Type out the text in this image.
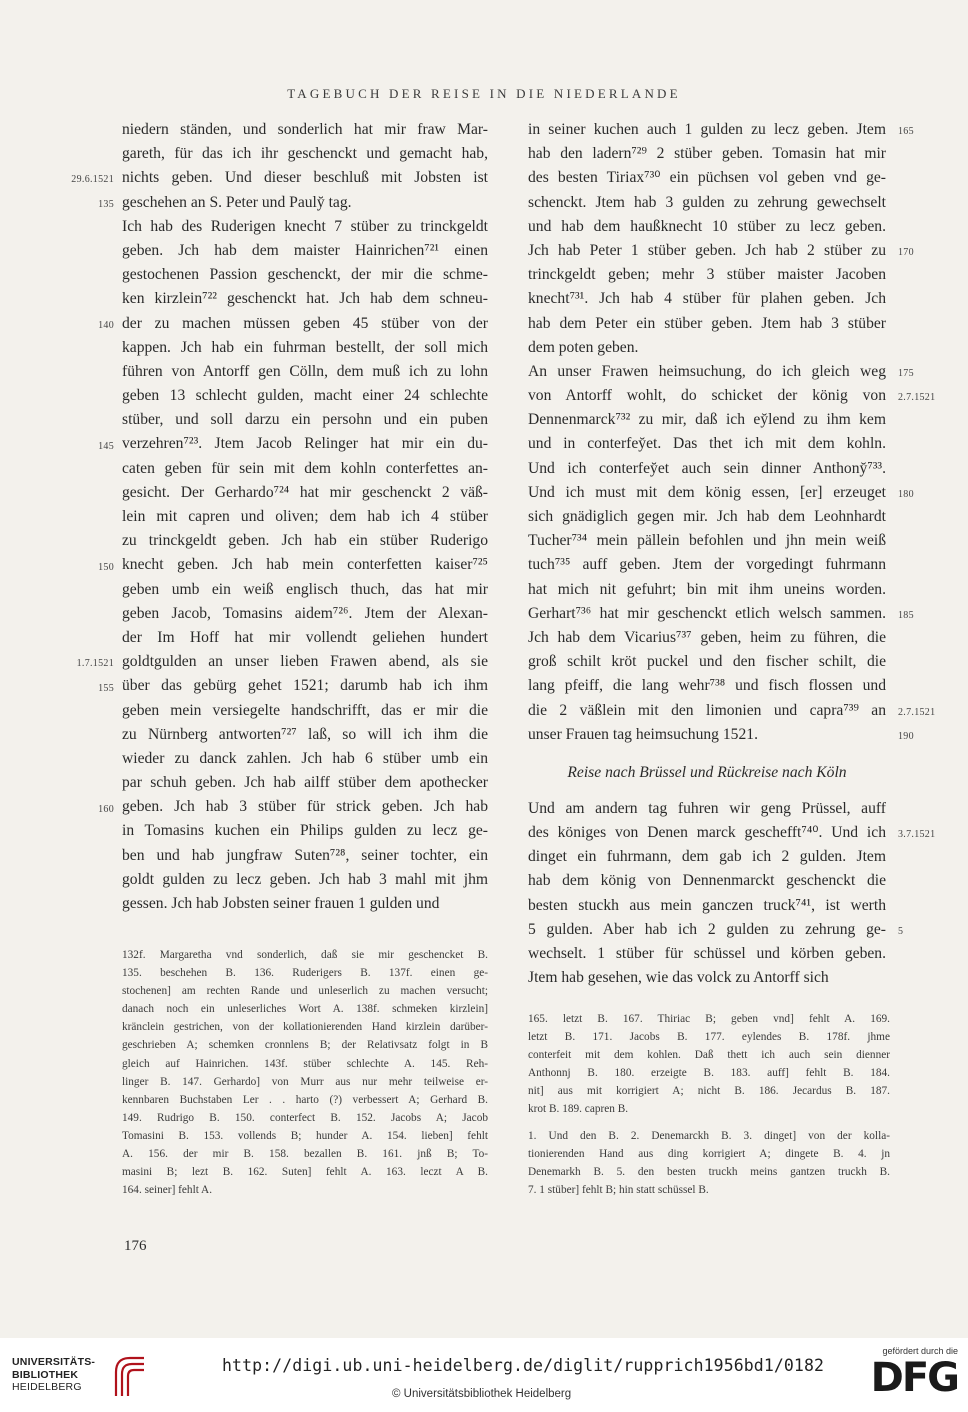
TAGEBUCH DER REISE IN DIE NIEDERLANDE
niedern ständen, und sonderlich hat mir fraw Mar-
gareth, für das ich ihr geschenckt und gemacht hab,
nichts geben. Und dieser beschluß mit Jobsten ist
geschehen an S. Peter und Pauly̆ tag.
Ich hab des Ruderigen knecht 7 stüber zu trinckgeldt
geben. Jch hab dem maister Hainrichen⁷²¹ einen
gestochenen Passion geschenckt, der mir die schme-
ken kirzlein⁷²² geschenckt hat. Jch hab dem schneu-
der zu machen müssen geben 45 stüber von der
kappen. Jch hab ein fuhrman bestellt, der soll mich
führen von Antorff gen Cölln, dem muß ich zu lohn
geben 13 schlecht gulden, macht einer 24 schlechte
stüber, und soll darzu ein persohn und ein puben
verzehren⁷²³. Jtem Jacob Relinger hat mir ein du-
caten geben für sein mit dem kohln conterfettes an-
gesicht. Der Gerhardo⁷²⁴ hat mir geschenckt 2 väß-
lein mit capren und oliven; dem hab ich 4 stüber
zu trinckgeldt geben. Jch hab ein stüber Ruderigo
knecht geben. Jch hab mein conterfetten kaiser⁷²⁵
geben umb ein weiß englisch thuch, das hat mir
geben Jacob, Tomasins aidem⁷²⁶. Jtem der Alexan-
der Im Hoff hat mir vollendt geliehen hundert
goldtgulden an unser lieben Frawen abend, als sie
über das gebürg gehet 1521; darumb hab ich ihm
geben mein versiegelte handschrifft, das er mir die
zu Nürnberg antworten⁷²⁷ laß, so will ich ihm die
wieder zu danck zahlen. Jch hab 6 stüber umb ein
par schuh geben. Jch hab ailff stüber dem apothecker
geben. Jch hab 3 stüber für strick geben. Jch hab
in Tomasins kuchen ein Philips gulden zu lecz ge-
ben und hab jungfraw Suten⁷²⁸, seiner tochter, ein
goldt gulden zu lecz geben. Jch hab 3 mahl mit jhm
gessen. Jch hab Jobsten seiner frauen 1 gulden und
in seiner kuchen auch 1 gulden zu lecz geben. Jtem
hab den ladern⁷²⁹ 2 stüber geben. Tomasin hat mir
des besten Tiriax⁷³⁰ ein püchsen vol geben vnd ge-
schenckt. Jtem hab 3 gulden zu zehrung gewechselt
und hab dem haußknecht 10 stüber zu lecz geben.
Jch hab Peter 1 stüber geben. Jch hab 2 stüber zu
trinckgeldt geben; mehr 3 stüber maister Jacoben
knecht⁷³¹. Jch hab 4 stüber für plahen geben. Jch
hab dem Peter ein stüber geben. Jtem hab 3 stüber
dem poten geben.
An unser Frawen heimsuchung, do ich gleich weg
von Antorff wohlt, do schicket der könig von
Dennenmarck⁷³² zu mir, daß ich ey̆lend zu ihm kem
und in conterfey̆et. Das thet ich mit dem kohln.
Und ich conterfey̆et auch sein dinner Anthony̆⁷³³.
Und ich must mit dem könig essen, [er] erzeuget
sich gnädiglich gegen mir. Jch hab dem Leohnhardt
Tucher⁷³⁴ mein pällein befohlen und jhn mein weiß
tuch⁷³⁵ auff geben. Jtem der vorgedingt fuhrmann
hat mich nit gefuhrt; bin mit ihm uneins worden.
Gerhart⁷³⁶ hat mir geschenckt etlich welsch sammen.
Jch hab dem Vicarius⁷³⁷ geben, heim zu führen, die
groß schilt kröt puckel und den fischer schilt, die
lang pfeiff, die lang wehr⁷³⁸ und fisch flossen und
die 2 väßlein mit den limonien und capra⁷³⁹ an
unser Frauen tag heimsuchung 1521.
Reise nach Brüssel und Rückreise nach Köln
Und am andern tag fuhren wir geng Prüssel, auff
des königes von Denen marck geschefft⁷⁴⁰. Und ich
dinget ein fuhrmann, dem gab ich 2 gulden. Jtem
hab dem könig von Dennenmarckt geschenckt die
besten stuckh aus mein ganczen truck⁷⁴¹, ist werth
5 gulden. Aber hab ich 2 gulden zu zehrung ge-
wechselt. 1 stüber für schüssel und körben geben.
Jtem hab gesehen, wie das volck zu Antorff sich
29.6.1521
135
140
145
150
1.7.1521
155
160
165
170
175
2.7.1521
180
185
2.7.1521
190
3.7.1521
5
132f. Margaretha vnd sonderlich, daß sie mir geschencket B.
135. beschehen B. 136. Ruderigers B. 137f. einen ge-
stochenen] am rechten Rande und unleserlich zu machen versucht;
danach noch ein unleserliches Wort A. 138f. schmeken kirzlein]
kränclein gestrichen, von der kollationierenden Hand kirzlein darüber-
geschrieben A; schemken cronnlens B; der Relativsatz folgt in B
gleich auf Hainrichen. 143f. stüber schlechte A. 145. Reh-
linger B. 147. Gerhardo] von Murr aus nur mehr teilweise er-
kennbaren Buchstaben Ler . . harto (?) verbessert A; Gerhard B.
149. Rudrigo B. 150. conterfect B. 152. Jacobs A; Jacob
Tomasini B. 153. vollends B; hunder A. 154. lieben] fehlt
A. 156. der mir B. 158. bezallen B. 161. jnß B; To-
masini B; lezt B. 162. Suten] fehlt A. 163. leczt A B.
164. seiner] fehlt A.
165. letzt B. 167. Thiriac B; geben vnd] fehlt A. 169.
letzt B. 171. Jacobs B. 177. eylendes B. 178f. jhme
conterfeit mit dem kohlen. Daß thett ich auch sein dienner
Anthonnj B. 180. erzeigte B. 183. auff] fehlt B. 184.
nit] aus mit korrigiert A; nicht B. 186. Jecardus B. 187.
krot B. 189. capren B.
1. Und den B. 2. Denemarckh B. 3. dinget] von der kolla-
tionierenden Hand aus ding korrigiert A; dingete B. 4. jn
Denemarkh B. 5. den besten truckh meins gantzen truckh B.
7. 1 stüber] fehlt B; hin statt schüssel B.
176
UNIVERSITÄTS-
BIBLIOTHEK
HEIDELBERG
http://digi.ub.uni-heidelberg.de/diglit/rupprich1956bd1/0182
© Universitätsbibliothek Heidelberg
gefördert durch die
DFG
